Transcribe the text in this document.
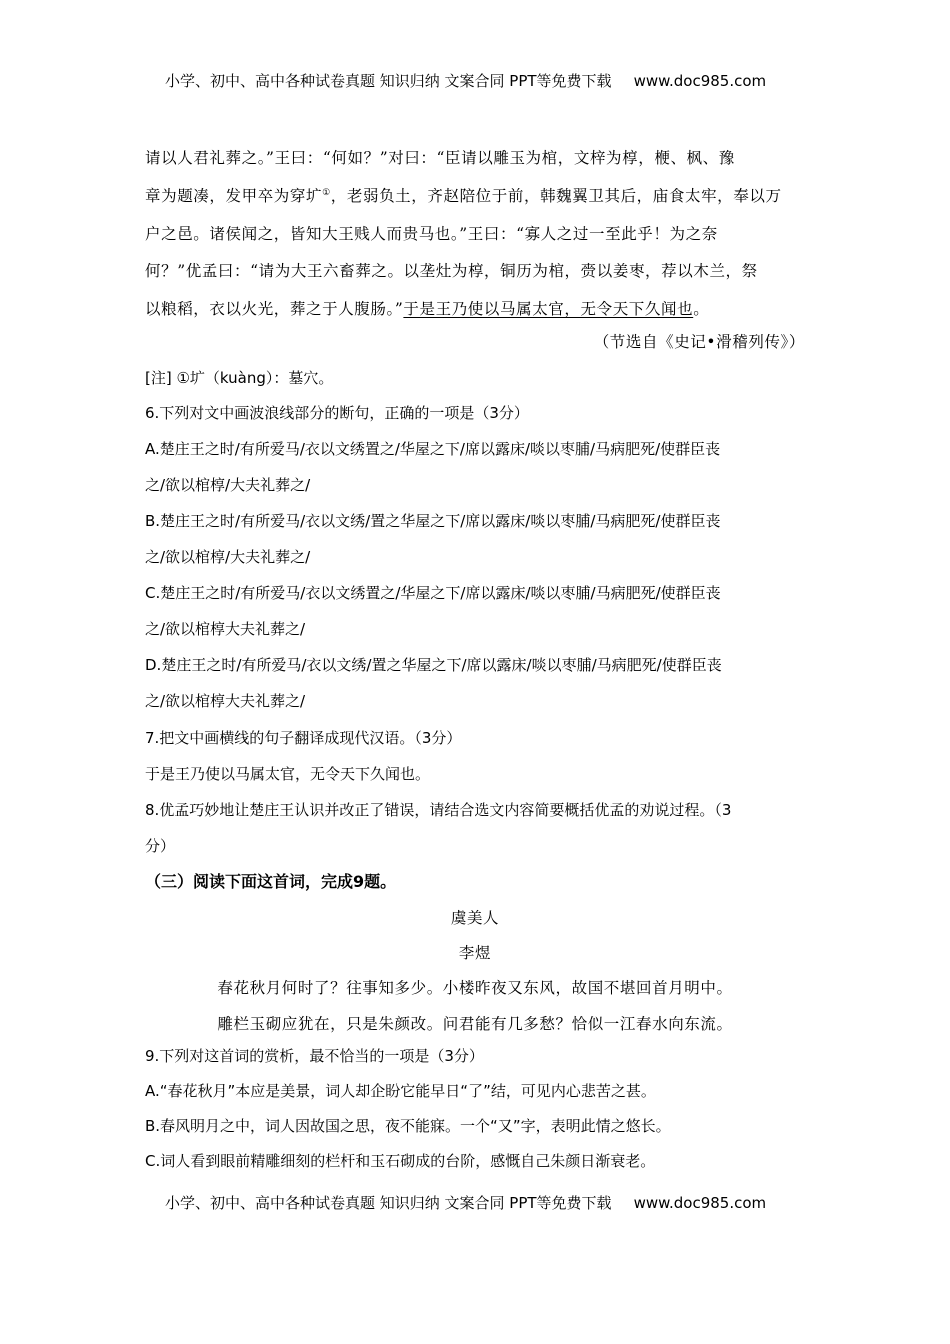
小学、初中、高中各种试卷真题 知识归纳 文案合同 PPT等免费下载 www.doc985.com
请以人君礼葬之。”王曰：“何如？”对曰：“臣请以雕玉为棺，文梓为椁，楩、枫、豫
章为题凑，发甲卒为穿圹①，老弱负土，齐赵陪位于前，韩魏翼卫其后，庙食太牢，奉以万
户之邑。诸侯闻之，皆知大王贱人而贵马也。”王曰：“寡人之过一至此乎！为之奈
何？”优孟曰：“请为大王六畜葬之。以垄灶为椁，铜历为棺，赍以姜枣，荐以木兰，祭
以粮稻，衣以火光，葬之于人腹肠。”于是王乃使以马属太官，无令天下久闻也。
（节选自《史记•滑稽列传》）
[注] ①圹（kuàng）：墓穴。
6.下列对文中画波浪线部分的断句，正确的一项是（3分）
A.楚庄王之时/有所爱马/衣以文绣置之/华屋之下/席以露床/啖以枣脯/马病肥死/使群臣丧
之/欲以棺椁/大夫礼葬之/
B.楚庄王之时/有所爱马/衣以文绣/置之华屋之下/席以露床/啖以枣脯/马病肥死/使群臣丧
之/欲以棺椁/大夫礼葬之/
C.楚庄王之时/有所爱马/衣以文绣置之/华屋之下/席以露床/啖以枣脯/马病肥死/使群臣丧
之/欲以棺椁大夫礼葬之/
D.楚庄王之时/有所爱马/衣以文绣/置之华屋之下/席以露床/啖以枣脯/马病肥死/使群臣丧
之/欲以棺椁大夫礼葬之/
7.把文中画横线的句子翻译成现代汉语。（3分）
于是王乃使以马属太官，无令天下久闻也。
8.优孟巧妙地让楚庄王认识并改正了错误，请结合选文内容简要概括优孟的劝说过程。（3
分）
（三）阅读下面这首词，完成9题。
虞美人
李煜
春花秋月何时了？往事知多少。小楼昨夜又东风，故国不堪回首月明中。
雕栏玉砌应犹在，只是朱颜改。问君能有几多愁？恰似一江春水向东流。
9.下列对这首词的赏析，最不恰当的一项是（3分）
A.“春花秋月”本应是美景，词人却企盼它能早日“了”结，可见内心悲苦之甚。
B.春风明月之中，词人因故国之思，夜不能寐。一个“又”字，表明此情之悠长。
C.词人看到眼前精雕细刻的栏杆和玉石砌成的台阶，感慨自己朱颜日渐衰老。
小学、初中、高中各种试卷真题 知识归纳 文案合同 PPT等免费下载 www.doc985.com
